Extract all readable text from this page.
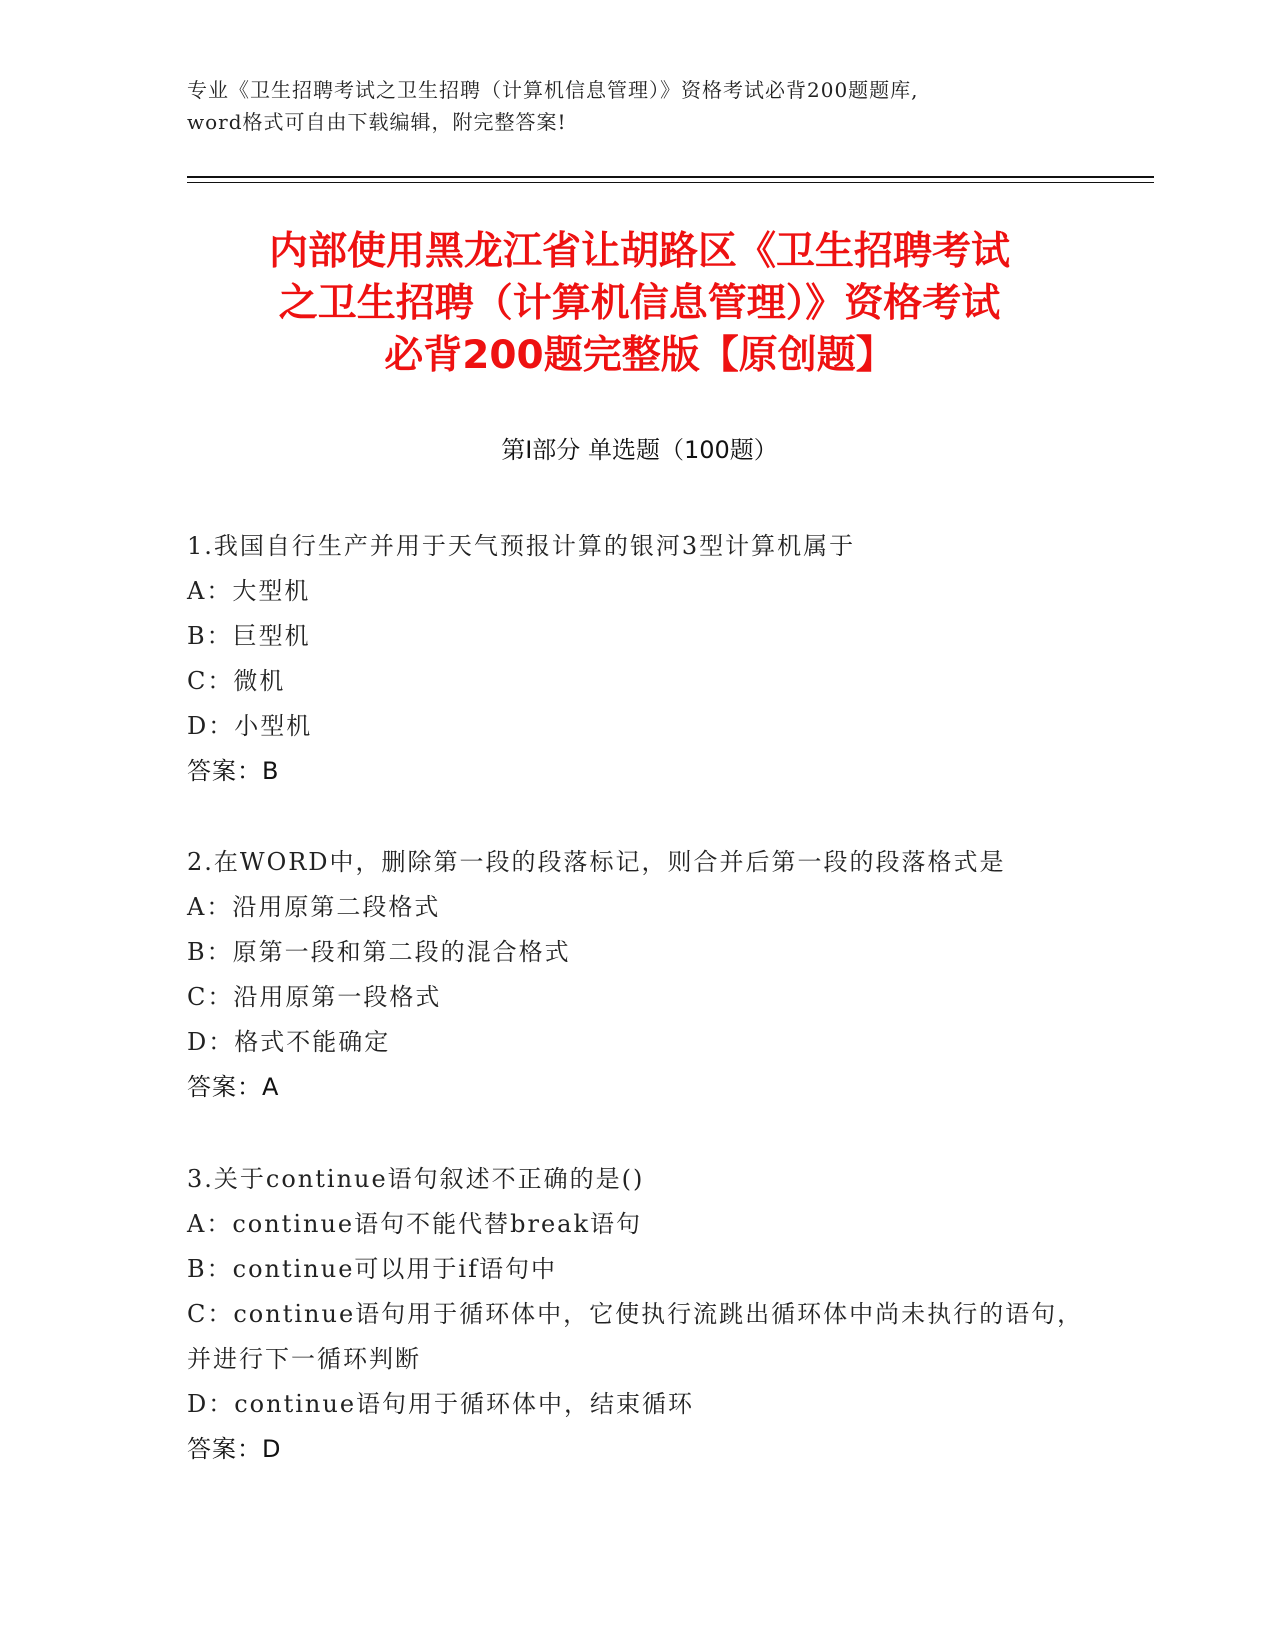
专业《卫生招聘考试之卫生招聘（计算机信息管理）》资格考试必背200题题库,
word格式可自由下载编辑，附完整答案!
内部使用黑龙江省让胡路区《卫生招聘考试
之卫生招聘（计算机信息管理）》资格考试
必背200题完整版【原创题】
第Ⅰ部分 单选题（100题）
1.我国自行生产并用于天气预报计算的银河3型计算机属于
A：大型机
B：巨型机
C：微机
D：小型机
答案：B
2.在WORD中，删除第一段的段落标记，则合并后第一段的段落格式是
A：沿用原第二段格式
B：原第一段和第二段的混合格式
C：沿用原第一段格式
D：格式不能确定
答案：A
3.关于continue语句叙述不正确的是()
A：continue语句不能代替break语句
B：continue可以用于if语句中
C：continue语句用于循环体中，它使执行流跳出循环体中尚未执行的语句，并进行下一循环判断
D：continue语句用于循环体中，结束循环
答案：D
